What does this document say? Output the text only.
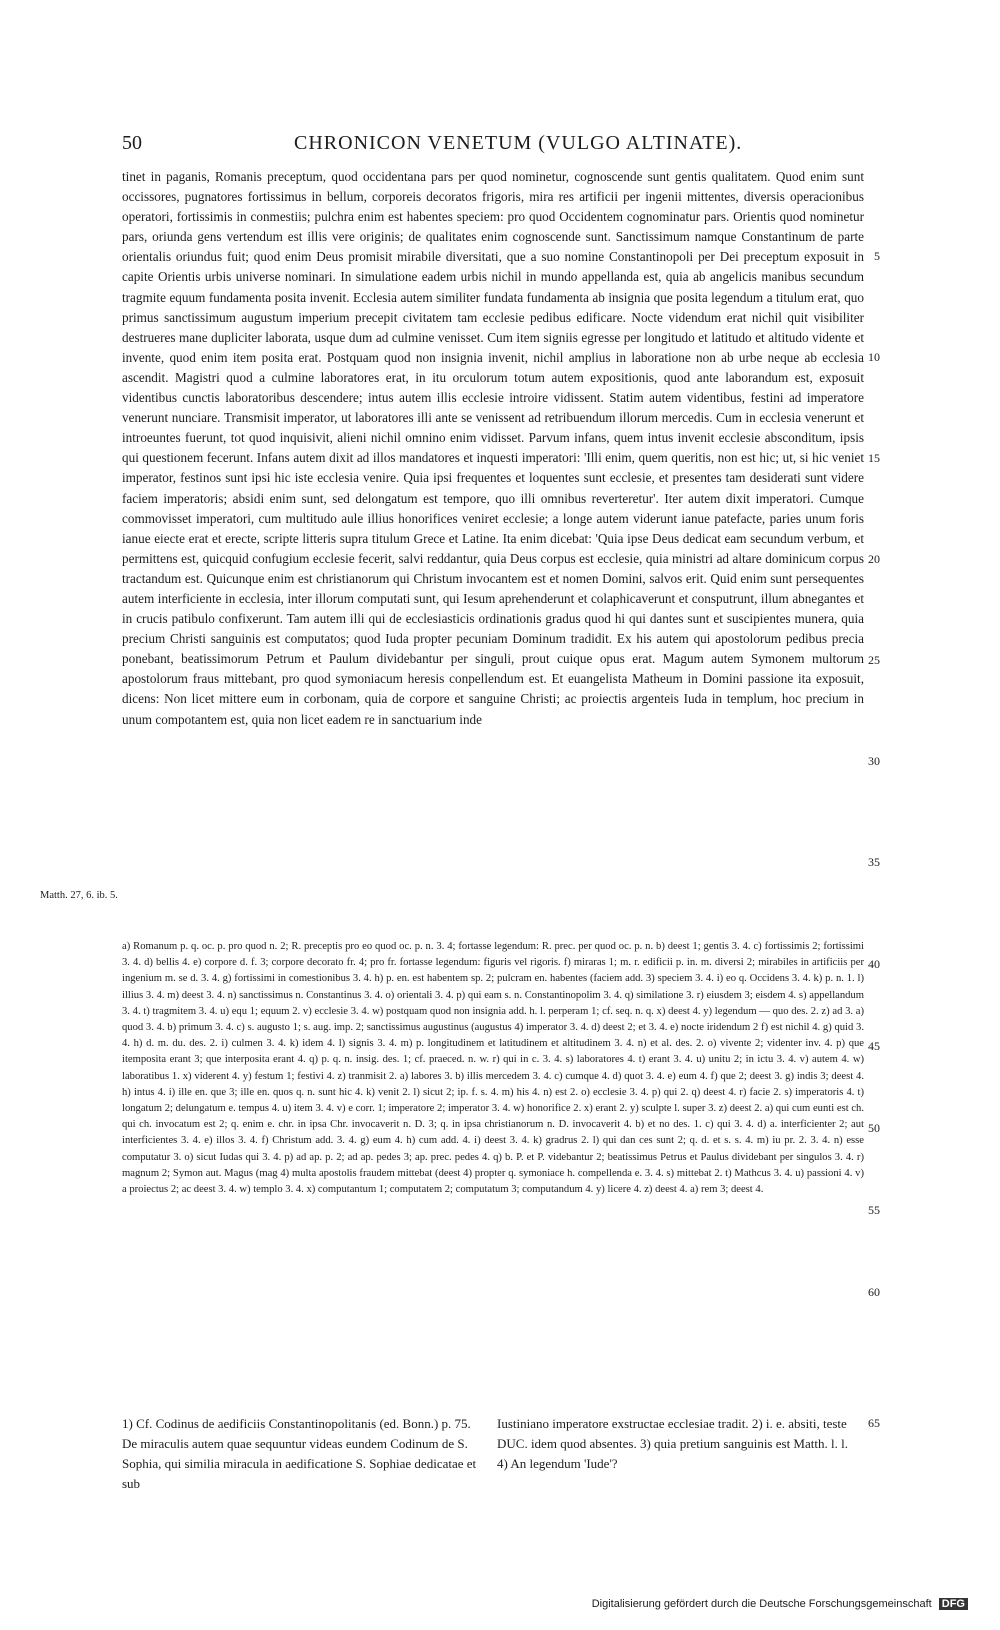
50	CHRONICON VENETUM (VULGO ALTINATE).

tinet in paganis, Romanis preceptum, quod occidentana pars per quod nominetur, cognoscende sunt gentis qualitatem. Quod enim sunt occissores, pugnatores fortissimus in bellum, corporeis decoratos frigoris, mira res artificii per ingenii mittentes, diversis operacionibus operatori, fortissimis in conmestiis; pulchra enim est habentes speciem: pro quod Occidentem cognominatur pars. Orientis quod nominetur pars, oriunda gens vertendum est illis vere originis; de qualitates enim cognoscende sunt. Sanctissimum namque Constantinum de parte orientalis oriundus fuit; quod enim Deus promisit mirabile diversitati, que a suo nomine Constantinopoli per Dei preceptum exposuit in capite Orientis urbis universe nominari. In simulatione eadem urbis nichil in mundo appellanda est, quia ab angelicis manibus secundum tragmite equum fundamenta posita invenit. Ecclesia autem similiter fundata fundamenta ab insignia que posita legendum a titulum erat, quo primus sanctissimum augustum imperium precepit civitatem tam ecclesie pedibus edificare. Nocte videndum erat nichil quit visibiliter destrueres mane dupliciter laborata, usque dum ad culmine venisset. Cum item signiis egresse per longitudo et latitudo et altitudo vidente et invente, quod enim item posita erat. Postquam quod non insignia invenit, nichil amplius in laboratione non ab urbe neque ab ecclesia ascendit. Magistri quod a culmine laboratores erat, in itu orculorum totum autem expositionis, quod ante laborandum est, exposuit videntibus cunctis laboratoribus descendere; intus autem illis ecclesie introire vidissent. Statim autem videntibus, festini ad imperatore venerunt nunciare. Transmisit imperator, ut laboratores illi ante se venissent ad retribuendum illorum mercedis. Cum in ecclesia venerunt et introeuntes fuerunt, tot quod inquisivit, alieni nichil omnino enim vidisset. Parvum infans, quem intus invenit ecclesie absconditum, ipsis qui questionem fecerunt. Infans autem dixit ad illos mandatores et inquesti imperatori: 'Illi enim, quem queritis, non est hic; ut, si hic veniet imperator, festinos sunt ipsi hic iste ecclesia venire. Quia ipsi frequentes et loquentes sunt ecclesie, et presentes tam desiderati sunt videre faciem imperatoris; absidi enim sunt, sed delongatum est tempore, quo illi omnibus reverteretur'. Iter autem dixit imperatori. Cumque commovisset imperatori, cum multitudo aule illius honorifices veniret ecclesie; a longe autem viderunt ianue patefacte, paries unum foris ianue eiecte erat et erecte, scripte litteris supra titulum Grece et Latine. Ita enim dicebat: 'Quia ipse Deus dedicat eam secundum verbum, et permittens est, quicquid confugium ecclesie fecerit, salvi reddantur, quia Deus corpus est ecclesie, quia ministri ad altare dominicum corpus tractandum est. Quicunque enim est christianorum qui Christum invocantem est et nomen Domini, salvos erit. Quid enim sunt persequentes autem interficiente in ecclesia, inter illorum computati sunt, qui Iesum aprehenderunt et colaphicaverunt et consputrunt, illum abnegantes et in crucis patibulo confixerunt. Tam autem illi qui de ecclesiasticis ordinationis gradus quod hi qui dantes sunt et suscipientes munera, quia precium Christi sanguinis est computatos; quod Iuda propter pecuniam Dominum tradidit. Ex his autem qui apostolorum pedibus precia ponebant, beatissimorum Petrum et Paulum dividebantur per singuli, prout cuique opus erat. Magum autem Symonem multorum apostolorum fraus mittebant, pro quod symoniacum heresis conpellendum est. Et euangelista Matheum in Domini passione ita exposuit, dicens: Non licet mittere eum in corbonam, quia de corpore et sanguine Christi; ac proiectis argenteis Iuda in templum, hoc precium in unum compotantem est, quia non licet eadem re in sanctuarium inde

5
10
15
20
25
30
35
Matth. 27, 6. ib. 5.

a) Romanum p. q. oc. p. pro quod n. 2; R. preceptis pro eo quod oc. p. n. 3. 4; fortasse legendum: R. prec. per quod oc. p. n. b) deest 1; gentis 3. 4. c) fortissimis 2; fortissimi 3. 4. d) bellis 4. e) corpore d. f. 3; corpore decorato fr. 4; pro fr. fortasse legendum: figuris vel rigoris. f) miraras 1; m. r. edificii p. in. m. diversi 2; mirabiles in artificiis per ingenium m. se d. 3. 4. g) fortissimi in comestionibus 3. 4. h) p. en. est habentem sp. 2; pulcram en. habentes (faciem add. 3) speciem 3. 4. i) eo q. Occidens 3. 4. k) p. n. 1. l) illius 3. 4. m) deest 3. 4. n) sanctissimus n. Constantinus 3. 4. o) orientali 3. 4. p) qui eam s. n. Constantinopolim 3. 4. q) similatione 3. r) eiusdem 3; eisdem 4. s) appellandum 3. 4. t) tragmitem 3. 4. u) equ 1; equum 2. v) ecclesie 3. 4. w) postquam quod non insignia add. h. l. perperam 1; cf. seq. n. q. x) deest 4. y) legendum — quo des. 2. z) ad 3. a) quod 3. 4. b) primum 3. 4. c) s. augusto 1; s. aug. imp. 2; sanctissimus augustinus (augustus 4) imperator 3. 4. d) deest 2; et 3. 4. e) nocte iridendum 2 f) est nichil 4. g) quid 3. 4. h) d. m. du. des. 2. i) culmen 3. 4. k) idem 4. l) signis 3. 4. m) p. longitudinem et latitudinem et altitudinem 3. 4. n) et al. des. 2. o) vivente 2; videnter inv. 4. p) que itemposita erant 3; que interposita erant 4. q) p. q. n. insig. des. 1; cf. praeced. n. w. r) qui in c. 3. 4. s) laboratores 4. t) erant 3. 4. u) unitu 2; in ictu 3. 4. v) autem 4. w) laboratibus 1. x) viderent 4. y) festum 1; festivi 4. z) tranmisit 2. a) labores 3. b) illis mercedem 3. 4. c) cumque 4. d) quot 3. 4. e) eum 4. f) que 2; deest 3. g) indis 3; deest 4. h) intus 4. i) ille en. que 3; ille en. quos q. n. sunt hic 4. k) venit 2. l) sicut 2; ip. f. s. 4. m) his 4. n) est 2. o) ecclesie 3. 4. p) qui 2. q) deest 4. r) facie 2. s) imperatoris 4. t) longatum 2; delungatum e. tempus 4. u) item 3. 4. v) e corr. 1; imperatore 2; imperator 3. 4. w) honorifice 2. x) erant 2. y) sculpte l. super 3. z) deest 2. a) qui cum eunti est ch. qui ch. invocatum est 2; q. enim e. chr. in ipsa Chr. invocaverit n. D. 3; q. in ipsa christianorum n. D. invocaverit 4. b) et no des. 1. c) qui 3. 4. d) a. interficienter 2; aut interficientes 3. 4. e) illos 3. 4. f) Christum add. 3. 4. g) eum 4. h) cum add. 4. i) deest 3. 4. k) gradrus 2. l) qui dan ces sunt 2; q. d. et s. s. 4. m) iu pr. 2. 3. 4. n) esse computatur 3. o) sicut Iudas qui 3. 4. p) ad ap. p. 2; ad ap. pedes 3; ap. prec. pedes 4. q) b. P. et P. videbantur 2; beatissimus Petrus et Paulus dividebant per singulos 3. 4. r) magnum 2; Symon aut. Magus (mag 4) multa apostolis fraudem mittebat (deest 4) propter q. symoniace h. compellenda e. 3. 4. s) mittebat 2. t) Mathcus 3. 4. u) passioni 4. v) a proiectus 2; ac deest 3. 4. w) templo 3. 4. x) computantum 1; computatem 2; computatum 3; computandum 4. y) licere 4. z) deest 4. a) rem 3; deest 4.

40
45
50
55
60

1) Cf. Codinus de aedificiis Constantinopolitanis (ed. Bonn.) p. 75. De miraculis autem quae sequuntur videas eundem Codinum de S. Sophia, qui similia miracula in aedificatione S. Sophiae dedicatae et sub

Iustiniano imperatore exstructae ecclesiae tradit. 2) i. e. absiti, teste DUC. idem quod absentes. 3) quia pretium sanguinis est Matth. l. l. 4) An legendum 'Iude'?

65
Digitalisierung gefördert durch die Deutsche Forschungsgemeinschaft DFG
